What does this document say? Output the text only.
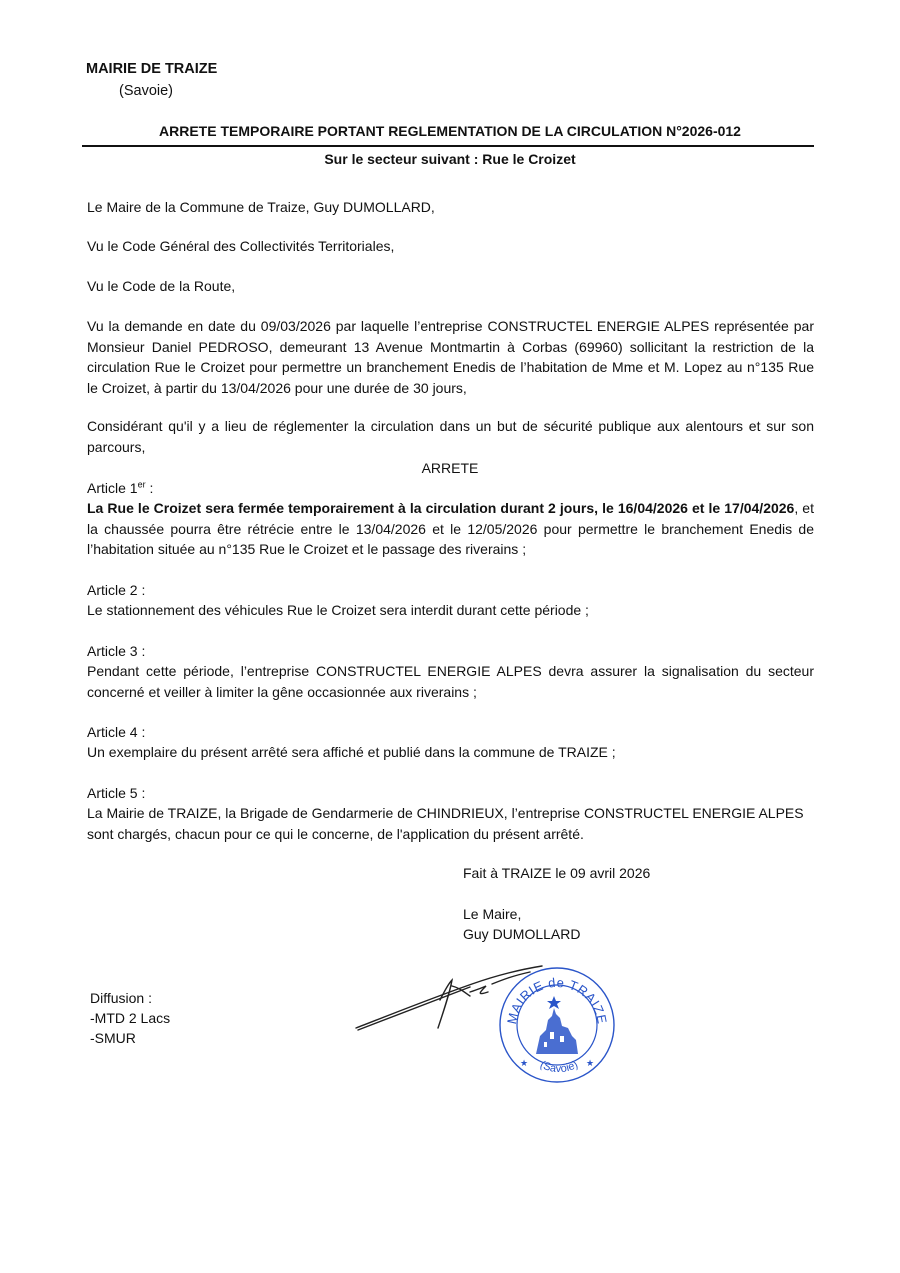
MAIRIE DE TRAIZE
(Savoie)
ARRETE TEMPORAIRE PORTANT REGLEMENTATION DE LA CIRCULATION N°2026-012
Sur le secteur suivant : Rue le Croizet
Le Maire de la Commune de Traize, Guy DUMOLLARD,
Vu le Code Général des Collectivités Territoriales,
Vu le Code de la Route,
Vu la demande en date du 09/03/2026 par laquelle l’entreprise CONSTRUCTEL ENERGIE ALPES représentée par Monsieur Daniel PEDROSO, demeurant 13 Avenue Montmartin à Corbas (69960) sollicitant la restriction de la circulation Rue le Croizet pour permettre un branchement Enedis de l’habitation de Mme et M. Lopez au n°135 Rue le Croizet, à partir du 13/04/2026 pour une durée de 30 jours,
Considérant qu'il y a lieu de réglementer la circulation dans un but de sécurité publique aux alentours et sur son parcours,
ARRETE
Article 1er :
La Rue le Croizet sera fermée temporairement à la circulation durant 2 jours, le 16/04/2026 et le 17/04/2026, et la chaussée pourra être rétrécie entre le 13/04/2026 et le 12/05/2026 pour permettre le branchement Enedis de l’habitation située au n°135 Rue le Croizet et le passage des riverains ;
Article 2 :
Le stationnement des véhicules Rue le Croizet sera interdit durant cette période ;
Article 3 :
Pendant cette période, l’entreprise CONSTRUCTEL ENERGIE ALPES devra assurer la signalisation du secteur concerné et veiller à limiter la gêne occasionnée aux riverains ;
Article 4 :
Un exemplaire du présent arrêté sera affiché et publié dans la commune de TRAIZE ;
Article 5 :
La Mairie de TRAIZE, la Brigade de Gendarmerie de CHINDRIEUX, l’entreprise CONSTRUCTEL ENERGIE ALPES sont chargés, chacun pour ce qui le concerne, de l'application du présent arrêté.
Fait à TRAIZE le 09 avril 2026
Le Maire,
Guy DUMOLLARD
Diffusion :
-MTD 2 Lacs
-SMUR
MAIRIE de TRAIZE
(Savoie)
★	★
